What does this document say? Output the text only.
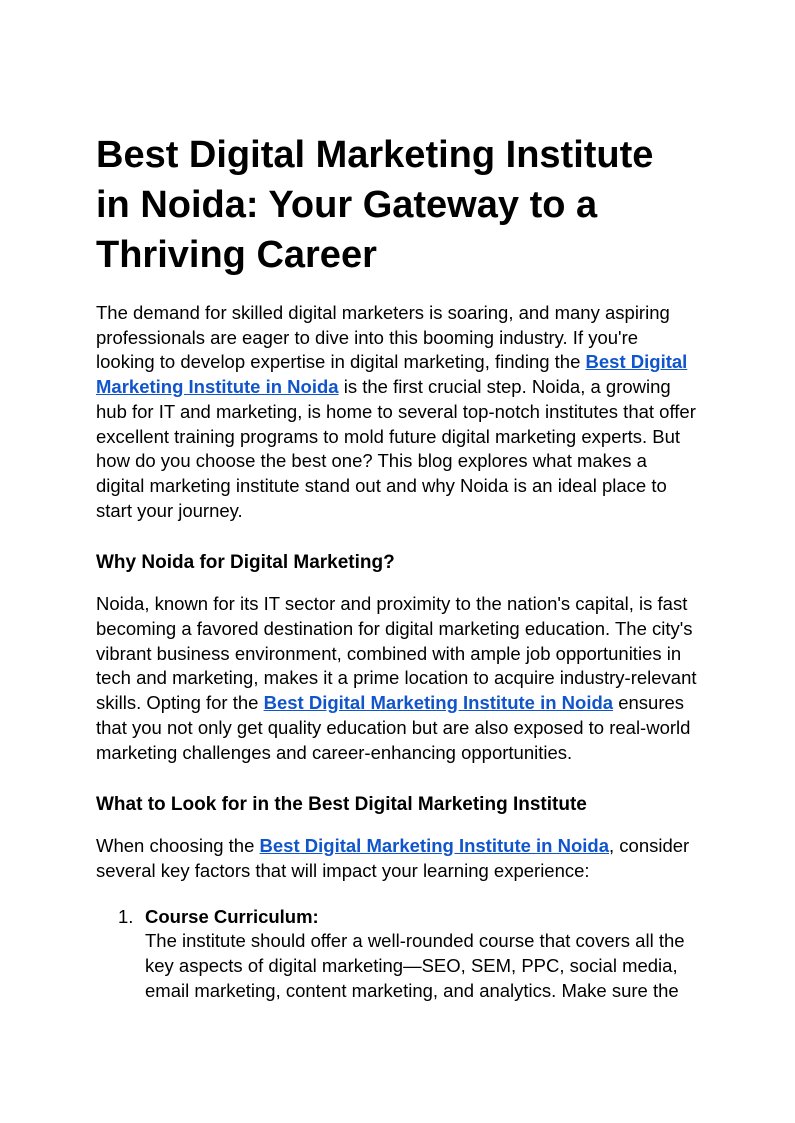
Best Digital Marketing Institute
in Noida: Your Gateway to a
Thriving Career

The demand for skilled digital marketers is soaring, and many aspiring professionals are eager to dive into this booming industry. If you're looking to develop expertise in digital marketing, finding the Best Digital Marketing Institute in Noida is the first crucial step. Noida, a growing hub for IT and marketing, is home to several top-notch institutes that offer excellent training programs to mold future digital marketing experts. But how do you choose the best one? This blog explores what makes a digital marketing institute stand out and why Noida is an ideal place to start your journey.

Why Noida for Digital Marketing?

Noida, known for its IT sector and proximity to the nation's capital, is fast becoming a favored destination for digital marketing education. The city's vibrant business environment, combined with ample job opportunities in tech and marketing, makes it a prime location to acquire industry-relevant skills. Opting for the Best Digital Marketing Institute in Noida ensures that you not only get quality education but are also exposed to real-world marketing challenges and career-enhancing opportunities.

What to Look for in the Best Digital Marketing Institute

When choosing the Best Digital Marketing Institute in Noida, consider several key factors that will impact your learning experience:

1. Course Curriculum:
The institute should offer a well-rounded course that covers all the key aspects of digital marketing—SEO, SEM, PPC, social media, email marketing, content marketing, and analytics. Make sure the
